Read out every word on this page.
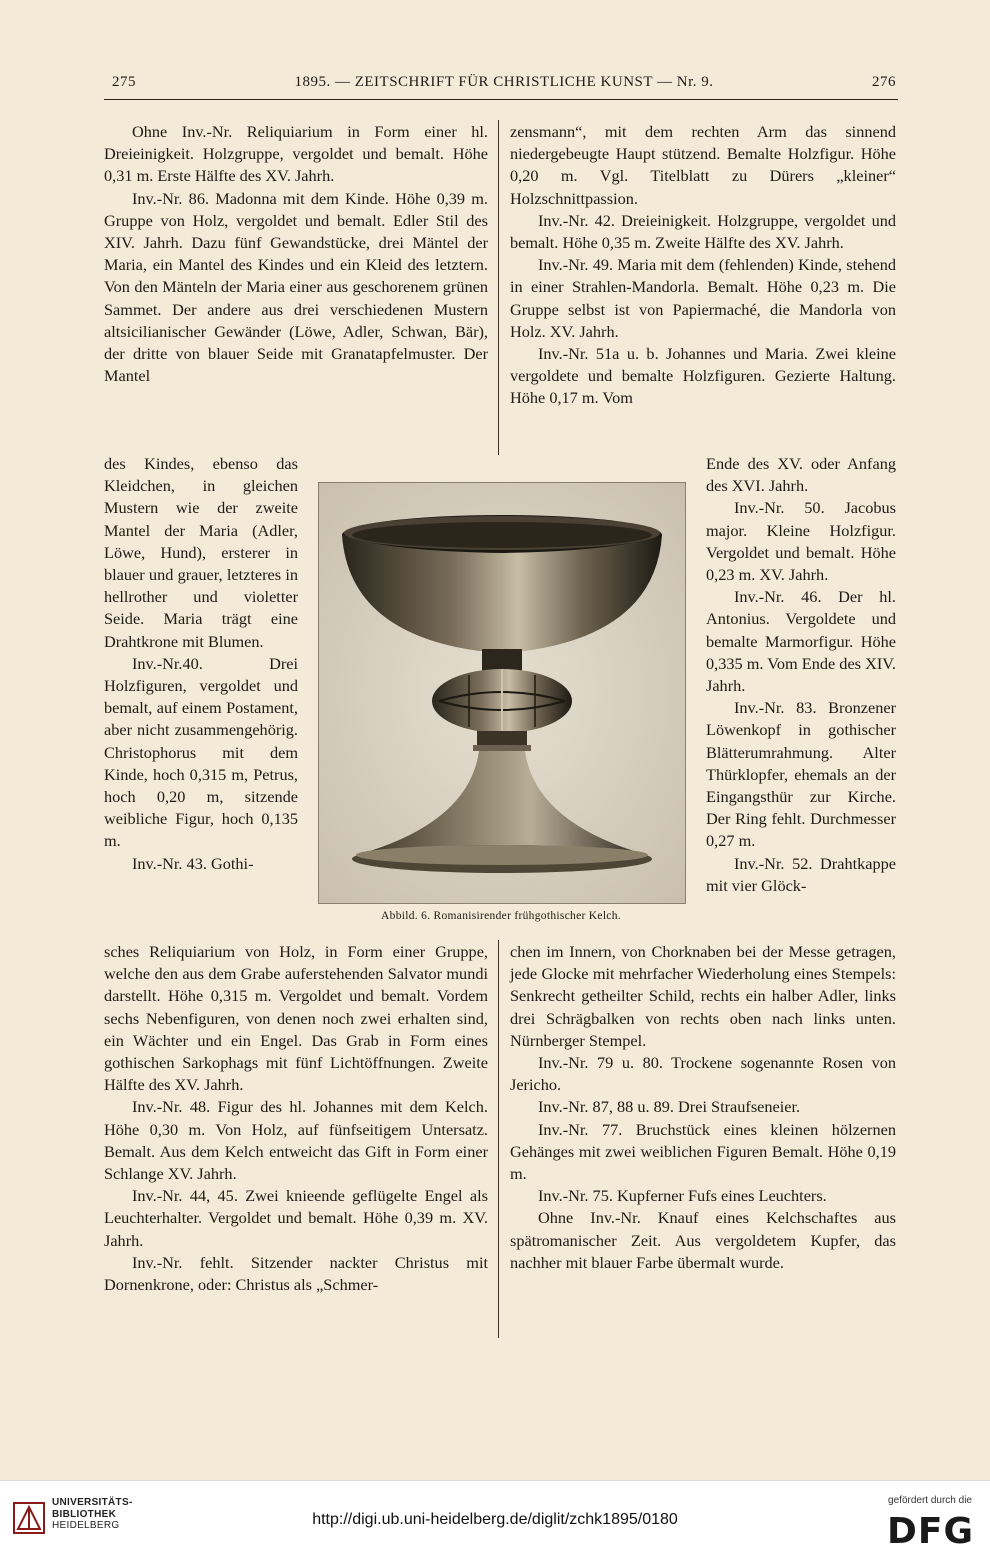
275	1895. — ZEITSCHRIFT FÜR CHRISTLICHE KUNST — Nr. 9.	276

Ohne Inv.-Nr. Reliquiarium in Form einer hl. Dreieinigkeit. Holzgruppe, vergoldet und bemalt. Höhe 0,31 m. Erste Hälfte des XV. Jahrh.

Inv.-Nr. 86. Madonna mit dem Kinde. Höhe 0,39 m. Gruppe von Holz, vergoldet und bemalt. Edler Stil des XIV. Jahrh. Dazu fünf Gewandstücke, drei Mäntel der Maria, ein Mantel des Kindes und ein Kleid des letztern. Von den Mänteln der Maria einer aus geschorenem grünen Sammet. Der andere aus drei verschiedenen Mustern altsicilianischer Gewänder (Löwe, Adler, Schwan, Bär), der dritte von blauer Seide mit Granatapfelmuster. Der Mantel

des Kindes, ebenso das Kleidchen, in gleichen Mustern wie der zweite Mantel der Maria (Adler, Löwe, Hund), ersterer in blauer und grauer, letzteres in hellrother und violetter Seide. Maria trägt eine Drahtkrone mit Blumen.

Inv.-Nr.40. Drei Holzfiguren, vergoldet und bemalt, auf einem Postament, aber nicht zusammengehörig. Christophorus mit dem Kinde, hoch 0,315 m, Petrus, hoch 0,20 m, sitzende weibliche Figur, hoch 0,135 m.

Inv.-Nr. 43. Gothi-

sches Reliquiarium von Holz, in Form einer Gruppe, welche den aus dem Grabe auferstehenden Salvator mundi darstellt. Höhe 0,315 m. Vergoldet und bemalt. Vordem sechs Nebenfiguren, von denen noch zwei erhalten sind, ein Wächter und ein Engel. Das Grab in Form eines gothischen Sarkophags mit fünf Lichtöffnungen. Zweite Hälfte des XV. Jahrh.

Inv.-Nr. 48. Figur des hl. Johannes mit dem Kelch. Höhe 0,30 m. Von Holz, auf fünfseitigem Untersatz. Bemalt. Aus dem Kelch entweicht das Gift in Form einer Schlange XV. Jahrh.

Inv.-Nr. 44, 45. Zwei knieende geflügelte Engel als Leuchterhalter. Vergoldet und bemalt. Höhe 0,39 m. XV. Jahrh.

Inv.-Nr. fehlt. Sitzender nackter Christus mit Dornenkrone, oder: Christus als „Schmer-

zensmann“, mit dem rechten Arm das sinnend niedergebeugte Haupt stützend. Bemalte Holzfigur. Höhe 0,20 m. Vgl. Titelblatt zu Dürers „kleiner“ Holzschnittpassion.

Inv.-Nr. 42. Dreieinigkeit. Holzgruppe, vergoldet und bemalt. Höhe 0,35 m. Zweite Hälfte des XV. Jahrh.

Inv.-Nr. 49. Maria mit dem (fehlenden) Kinde, stehend in einer Strahlen-Mandorla. Bemalt. Höhe 0,23 m. Die Gruppe selbst ist von Papiermaché, die Mandorla von Holz. XV. Jahrh.

Inv.-Nr. 51a u. b. Johannes und Maria. Zwei kleine vergoldete und bemalte Holzfiguren. Gezierte Haltung. Höhe 0,17 m. Vom

Ende des XV. oder Anfang des XVI. Jahrh.

Inv.-Nr. 50. Jacobus major. Kleine Holzfigur. Vergoldet und bemalt. Höhe 0,23 m. XV. Jahrh.

Inv.-Nr. 46. Der hl. Antonius. Vergoldete und bemalte Marmorfigur. Höhe 0,335 m. Vom Ende des XIV. Jahrh.

Inv.-Nr. 83. Bronzener Löwenkopf in gothischer Blätterumrahmung. Alter Thürklopfer, ehemals an der Eingangsthür zur Kirche. Der Ring fehlt. Durchmesser 0,27 m.

Inv.-Nr. 52. Drahtkappe mit vier Glöck-

chen im Innern, von Chorknaben bei der Messe getragen, jede Glocke mit mehrfacher Wiederholung eines Stempels: Senkrecht getheilter Schild, rechts ein halber Adler, links drei Schrägbalken von rechts oben nach links unten. Nürnberger Stempel.

Inv.-Nr. 79 u. 80. Trockene sogenannte Rosen von Jericho.

Inv.-Nr. 87, 88 u. 89. Drei Straufseneier.

Inv.-Nr. 77. Bruchstück eines kleinen hölzernen Gehänges mit zwei weiblichen Figuren Bemalt. Höhe 0,19 m.

Inv.-Nr. 75. Kupferner Fufs eines Leuchters.

Ohne Inv.-Nr. Knauf eines Kelchschaftes aus spätromanischer Zeit. Aus vergoldetem Kupfer, das nachher mit blauer Farbe übermalt wurde.

Abbild. 6. Romanisirender frühgothischer Kelch.
UNIVERSITÄTS-
BIBLIOTHEK
HEIDELBERG	http://digi.ub.uni-heidelberg.de/diglit/zchk1895/0180
gefördert durch die
DFG
